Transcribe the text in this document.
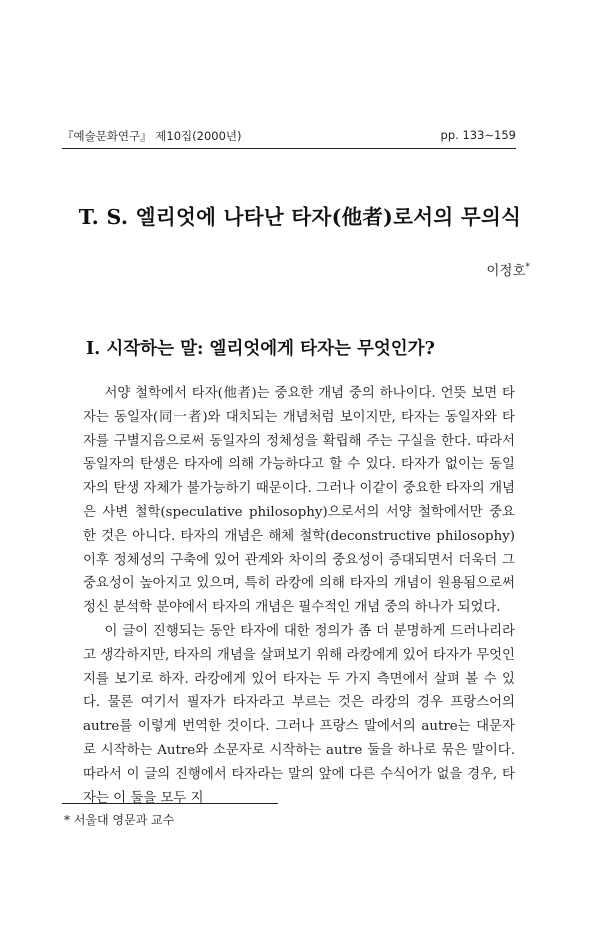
『예술문화연구』 제10집(2000년)	pp. 133∼159
T. S. 엘리엇에 나타난 타자(他者)로서의 무의식
이정호*
I. 시작하는 말: 엘리엇에게 타자는 무엇인가?

서양 철학에서 타자(他者)는 중요한 개념 중의 하나이다. 언뜻 보면 타자는 동일자(同一者)와 대치되는 개념처럼 보이지만, 타자는 동일자와 타자를 구별지음으로써 동일자의 정체성을 확립해 주는 구실을 한다. 따라서 동일자의 탄생은 타자에 의해 가능하다고 할 수 있다. 타자가 없이는 동일자의 탄생 자체가 불가능하기 때문이다. 그러나 이같이 중요한 타자의 개념은 사변 철학(speculative philosophy)으로서의 서양 철학에서만 중요한 것은 아니다. 타자의 개념은 해체 철학(deconstructive philosophy) 이후 정체성의 구축에 있어 관계와 차이의 중요성이 증대되면서 더욱더 그 중요성이 높아지고 있으며, 특히 라캉에 의해 타자의 개념이 원용됨으로써 정신 분석학 분야에서 타자의 개념은 필수적인 개념 중의 하나가 되었다.

이 글이 진행되는 동안 타자에 대한 정의가 좀 더 분명하게 드러나리라고 생각하지만, 타자의 개념을 살펴보기 위해 라캉에게 있어 타자가 무엇인지를 보기로 하자. 라캉에게 있어 타자는 두 가지 측면에서 살펴 볼 수 있다. 물론 여기서 필자가 타자라고 부르는 것은 라캉의 경우 프랑스어의 autre를 이렇게 번역한 것이다. 그러나 프랑스 말에서의 autre는 대문자로 시작하는 Autre와 소문자로 시작하는 autre 둘을 하나로 묶은 말이다. 따라서 이 글의 진행에서 타자라는 말의 앞에 다른 수식어가 없을 경우, 타자는 이 둘을 모두 지

* 서울대 영문과 교수
